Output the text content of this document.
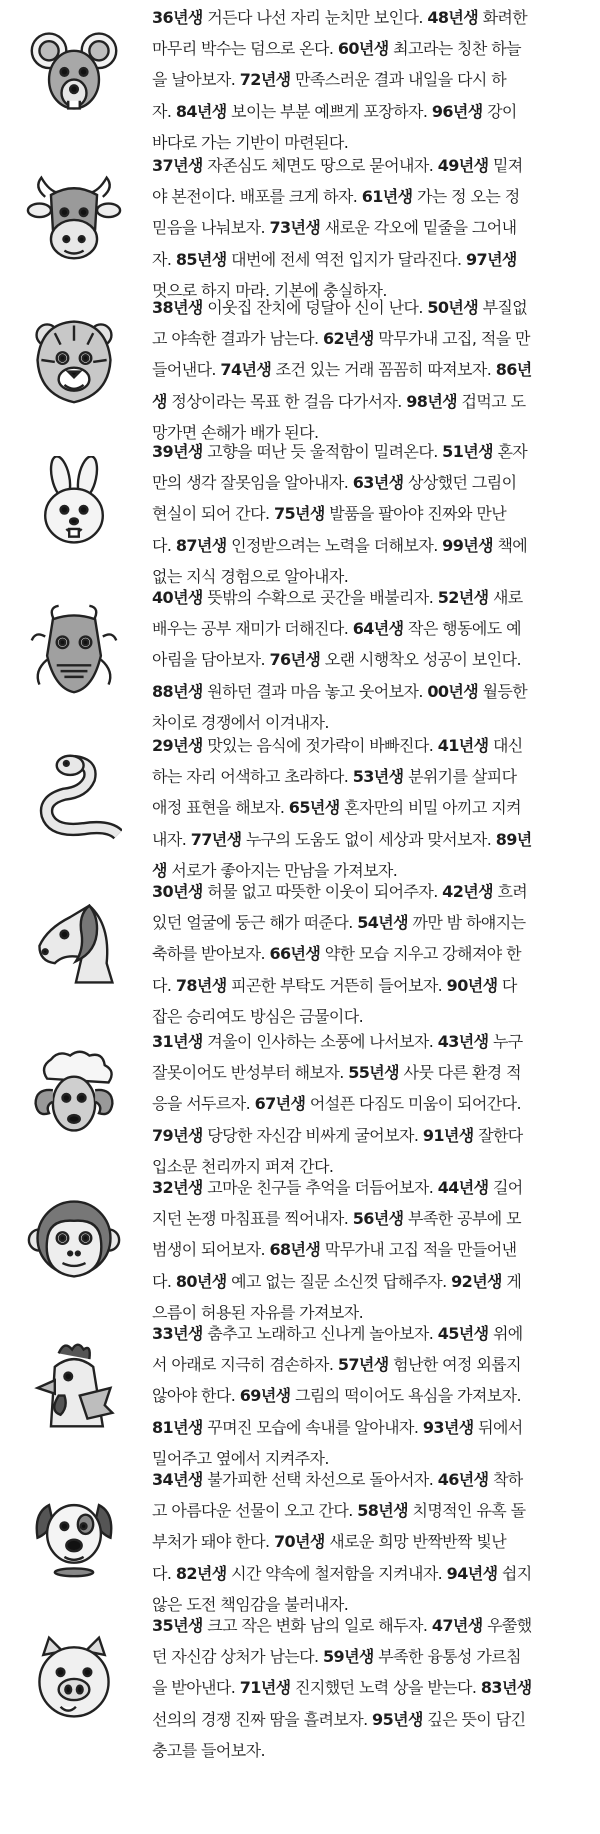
36년생 거든다 나선 자리 눈치만 보인다. 48년생 화려한
마무리 박수는 덤으로 온다. 60년생 최고라는 칭찬 하늘
을 날아보자. 72년생 만족스러운 결과 내일을 다시 하
자. 84년생 보이는 부분 예쁘게 포장하자. 96년생 강이
바다로 가는 기반이 마련된다.
37년생 자존심도 체면도 땅으로 묻어내자. 49년생 밑져
야 본전이다. 배포를 크게 하자. 61년생 가는 정 오는 정
믿음을 나눠보자. 73년생 새로운 각오에 밑줄을 그어내
자. 85년생 대번에 전세 역전 입지가 달라진다. 97년생
멋으로 하지 마라. 기본에 충실하자.
38년생 이웃집 잔치에 덩달아 신이 난다. 50년생 부질없
고 야속한 결과가 남는다. 62년생 막무가내 고집, 적을 만
들어낸다. 74년생 조건 있는 거래 꼼꼼히 따져보자. 86년
생 정상이라는 목표 한 걸음 다가서자. 98년생 겁먹고 도
망가면 손해가 배가 된다.
39년생 고향을 떠난 듯 울적함이 밀려온다. 51년생 혼자
만의 생각 잘못임을 알아내자. 63년생 상상했던 그림이
현실이 되어 간다. 75년생 발품을 팔아야 진짜와 만난
다. 87년생 인정받으려는 노력을 더해보자. 99년생 책에
없는 지식 경험으로 알아내자.
40년생 뜻밖의 수확으로 곳간을 배불리자. 52년생 새로
배우는 공부 재미가 더해진다. 64년생 작은 행동에도 예
아림을 담아보자. 76년생 오랜 시행착오 성공이 보인다.
88년생 원하던 결과 마음 놓고 웃어보자. 00년생 월등한
차이로 경쟁에서 이겨내자.
29년생 맛있는 음식에 젓가락이 바빠진다. 41년생 대신
하는 자리 어색하고 초라하다. 53년생 분위기를 살피다
애정 표현을 해보자. 65년생 혼자만의 비밀 아끼고 지켜
내자. 77년생 누구의 도움도 없이 세상과 맞서보자. 89년
생 서로가 좋아지는 만남을 가져보자.
30년생 허물 없고 따뜻한 이웃이 되어주자. 42년생 흐려
있던 얼굴에 둥근 해가 떠준다. 54년생 까만 밤 하얘지는
축하를 받아보자. 66년생 약한 모습 지우고 강해져야 한
다. 78년생 피곤한 부탁도 거뜬히 들어보자. 90년생 다
잡은 승리여도 방심은 금물이다.
31년생 겨울이 인사하는 소풍에 나서보자. 43년생 누구
잘못이어도 반성부터 해보자. 55년생 사뭇 다른 환경 적
응을 서두르자. 67년생 어설픈 다짐도 미움이 되어간다.
79년생 당당한 자신감 비싸게 굴어보자. 91년생 잘한다
입소문 천리까지 퍼져 간다.
32년생 고마운 친구들 추억을 더듬어보자. 44년생 길어
지던 논쟁 마침표를 찍어내자. 56년생 부족한 공부에 모
범생이 되어보자. 68년생 막무가내 고집 적을 만들어낸
다. 80년생 예고 없는 질문 소신껏 답해주자. 92년생 게
으름이 허용된 자유를 가져보자.
33년생 춤추고 노래하고 신나게 놀아보자. 45년생 위에
서 아래로 지극히 겸손하자. 57년생 험난한 여정 외롭지
않아야 한다. 69년생 그림의 떡이어도 욕심을 가져보자.
81년생 꾸며진 모습에 속내를 알아내자. 93년생 뒤에서
밀어주고 옆에서 지켜주자.
34년생 불가피한 선택 차선으로 돌아서자. 46년생 착하
고 아름다운 선물이 오고 간다. 58년생 치명적인 유혹 돌
부처가 돼야 한다. 70년생 새로운 희망 반짝반짝 빛난
다. 82년생 시간 약속에 철저함을 지켜내자. 94년생 쉽지
않은 도전 책임감을 불러내자.
35년생 크고 작은 변화 남의 일로 해두자. 47년생 우쭐했
던 자신감 상처가 남는다. 59년생 부족한 융통성 가르침
을 받아낸다. 71년생 진지했던 노력 상을 받는다. 83년생
선의의 경쟁 진짜 땀을 흘려보자. 95년생 깊은 뜻이 담긴
충고를 들어보자.
